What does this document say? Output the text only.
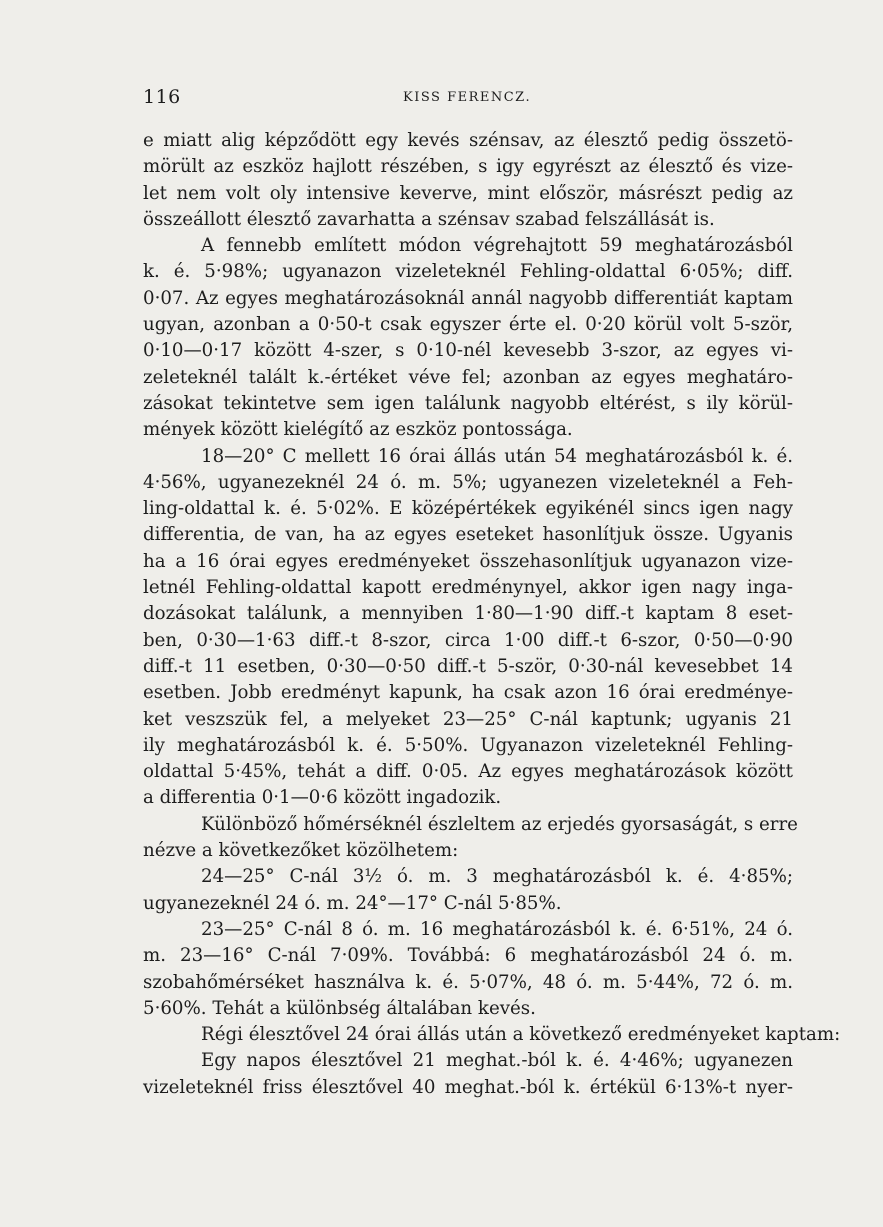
116	KISS FERENCZ.
e miatt alig képződött egy kevés szénsav, az élesztő pedig összetö-
mörült az eszköz hajlott részében, s igy egyrészt az élesztő és vize-
let nem volt oly intensive keverve, mint először, másrészt pedig az
összeállott élesztő zavarhatta a szénsav szabad felszállását is.
A fennebb említett módon végrehajtott 59 meghatározásból
k. é. 5·98%; ugyanazon vizeleteknél Fehling-oldattal 6·05%; diff.
0·07. Az egyes meghatározásoknál annál nagyobb differentiát kaptam
ugyan, azonban a 0·50-t csak egyszer érte el. 0·20 körül volt 5-ször,
0·10—0·17 között 4-szer, s 0·10-nél kevesebb 3-szor, az egyes vi-
zeleteknél talált k.-értéket véve fel; azonban az egyes meghatáro-
zásokat tekintetve sem igen találunk nagyobb eltérést, s ily körül-
mények között kielégítő az eszköz pontossága.
18—20° C mellett 16 órai állás után 54 meghatározásból k. é.
4·56%, ugyanezeknél 24 ó. m. 5%; ugyanezen vizeleteknél a Feh-
ling-oldattal k. é. 5·02%. E középértékek egyikénél sincs igen nagy
differentia, de van, ha az egyes eseteket hasonlítjuk össze. Ugyanis
ha a 16 órai egyes eredményeket összehasonlítjuk ugyanazon vize-
letnél Fehling-oldattal kapott eredménynyel, akkor igen nagy inga-
dozásokat találunk, a mennyiben 1·80—1·90 diff.-t kaptam 8 eset-
ben, 0·30—1·63 diff.-t 8-szor, circa 1·00 diff.-t 6-szor, 0·50—0·90
diff.-t 11 esetben, 0·30—0·50 diff.-t 5-ször, 0·30-nál kevesebbet 14
esetben. Jobb eredményt kapunk, ha csak azon 16 órai eredménye-
ket veszszük fel, a melyeket 23—25° C-nál kaptunk; ugyanis 21
ily meghatározásból k. é. 5·50%. Ugyanazon vizeleteknél Fehling-
oldattal 5·45%, tehát a diff. 0·05. Az egyes meghatározások között
a differentia 0·1—0·6 között ingadozik.
Különböző hőmérséknél észleltem az erjedés gyorsaságát, s erre
nézve a következőket közölhetem:
24—25° C-nál 3½ ó. m. 3 meghatározásból k. é. 4·85%;
ugyanezeknél 24 ó. m. 24°—17° C-nál 5·85%.
23—25° C-nál 8 ó. m. 16 meghatározásból k. é. 6·51%, 24 ó.
m. 23—16° C-nál 7·09%. Továbbá: 6 meghatározásból 24 ó. m.
szobahőmérséket használva k. é. 5·07%, 48 ó. m. 5·44%, 72 ó. m.
5·60%. Tehát a különbség általában kevés.
Régi élesztővel 24 órai állás után a következő eredményeket kaptam:
Egy napos élesztővel 21 meghat.-ból k. é. 4·46%; ugyanezen
vizeleteknél friss élesztővel 40 meghat.-ból k. értékül 6·13%-t nyer-
